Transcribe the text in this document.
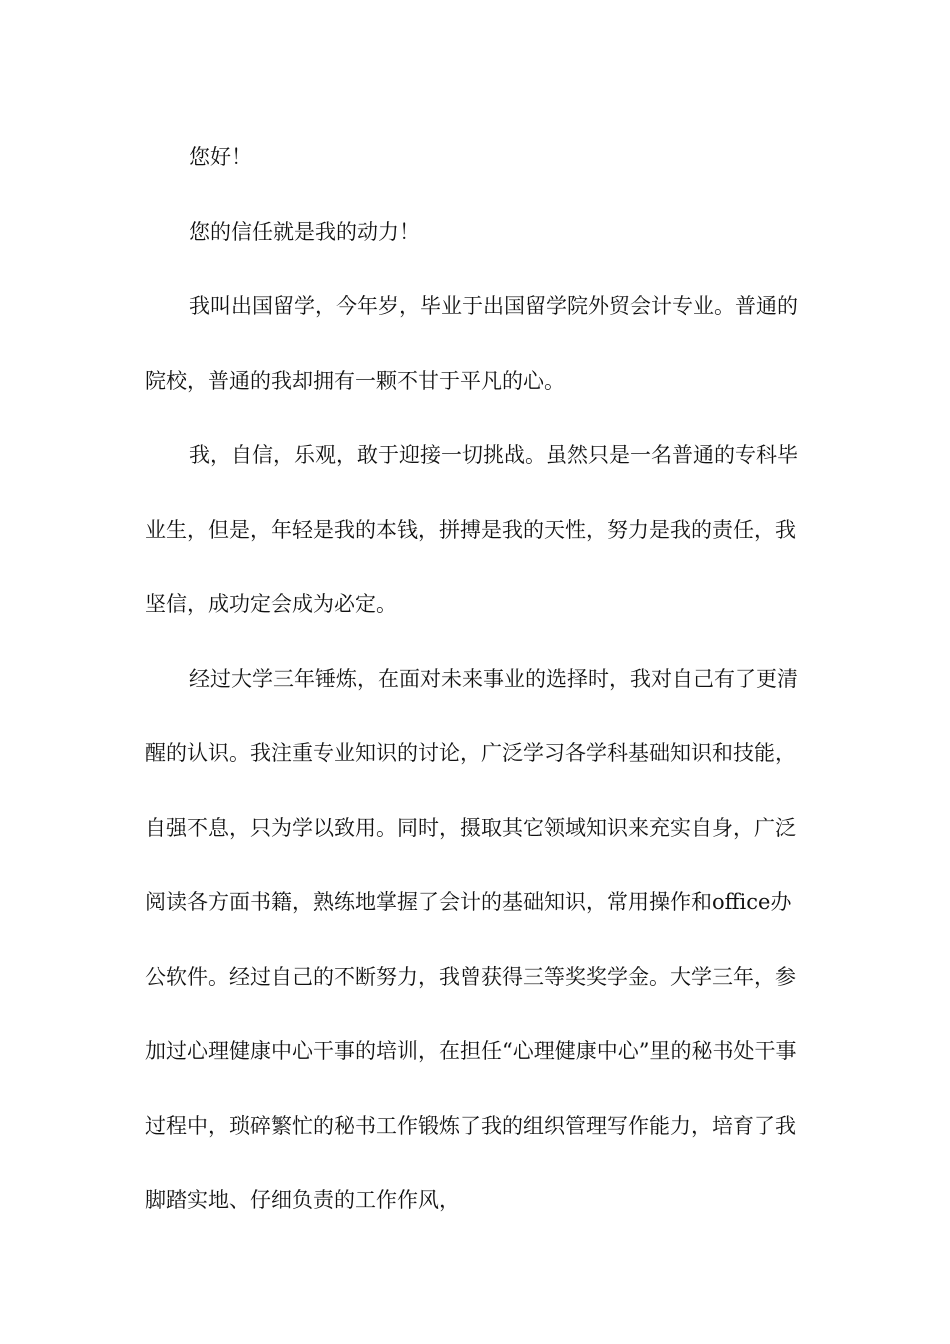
您好！

您的信任就是我的动力！

我叫出国留学，今年岁，毕业于出国留学院外贸会计专业。普通的院校，普通的我却拥有一颗不甘于平凡的心。

我，自信，乐观，敢于迎接一切挑战。虽然只是一名普通的专科毕业生，但是，年轻是我的本钱，拼搏是我的天性，努力是我的责任，我坚信，成功定会成为必定。

经过大学三年锤炼，在面对未来事业的选择时，我对自己有了更清醒的认识。我注重专业知识的讨论，广泛学习各学科基础知识和技能，自强不息，只为学以致用。同时，摄取其它领域知识来充实自身，广泛阅读各方面书籍，熟练地掌握了会计的基础知识，常用操作和office办公软件。经过自己的不断努力，我曾获得三等奖奖学金。大学三年，参加过心理健康中心干事的培训，在担任“心理健康中心”里的秘书处干事过程中，琐碎繁忙的秘书工作锻炼了我的组织管理写作能力，培育了我脚踏实地、仔细负责的工作作风，
